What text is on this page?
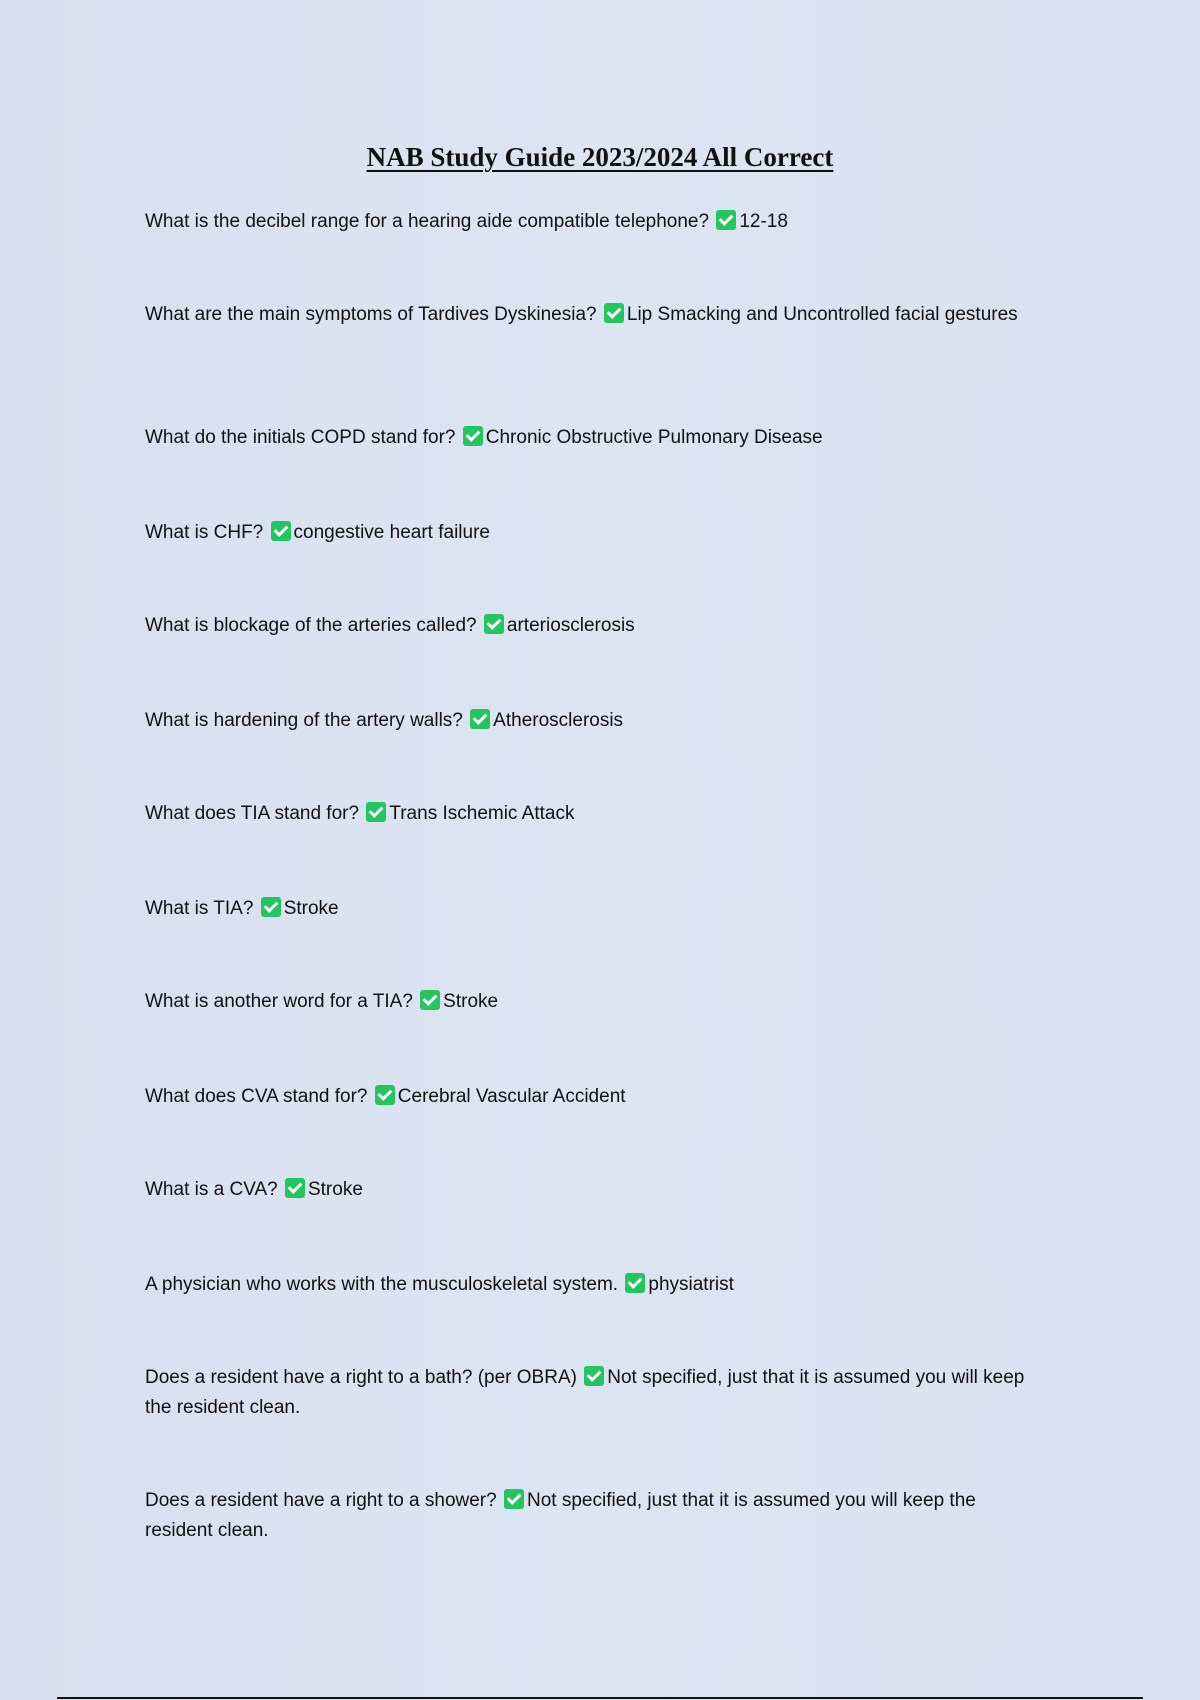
NAB Study Guide 2023/2024 All Correct
What is the decibel range for a hearing aide compatible telephone? 12-18
What are the main symptoms of Tardives Dyskinesia? Lip Smacking and Uncontrolled facial gestures
What do the initials COPD stand for? Chronic Obstructive Pulmonary Disease
What is CHF? congestive heart failure
What is blockage of the arteries called? arteriosclerosis
What is hardening of the artery walls? Atherosclerosis
What does TIA stand for? Trans Ischemic Attack
What is TIA? Stroke
What is another word for a TIA? Stroke
What does CVA stand for? Cerebral Vascular Accident
What is a CVA? Stroke
A physician who works with the musculoskeletal system. physiatrist
Does a resident have a right to a bath? (per OBRA) Not specified, just that it is assumed you will keep the resident clean.
Does a resident have a right to a shower? Not specified, just that it is assumed you will keep the resident clean.
